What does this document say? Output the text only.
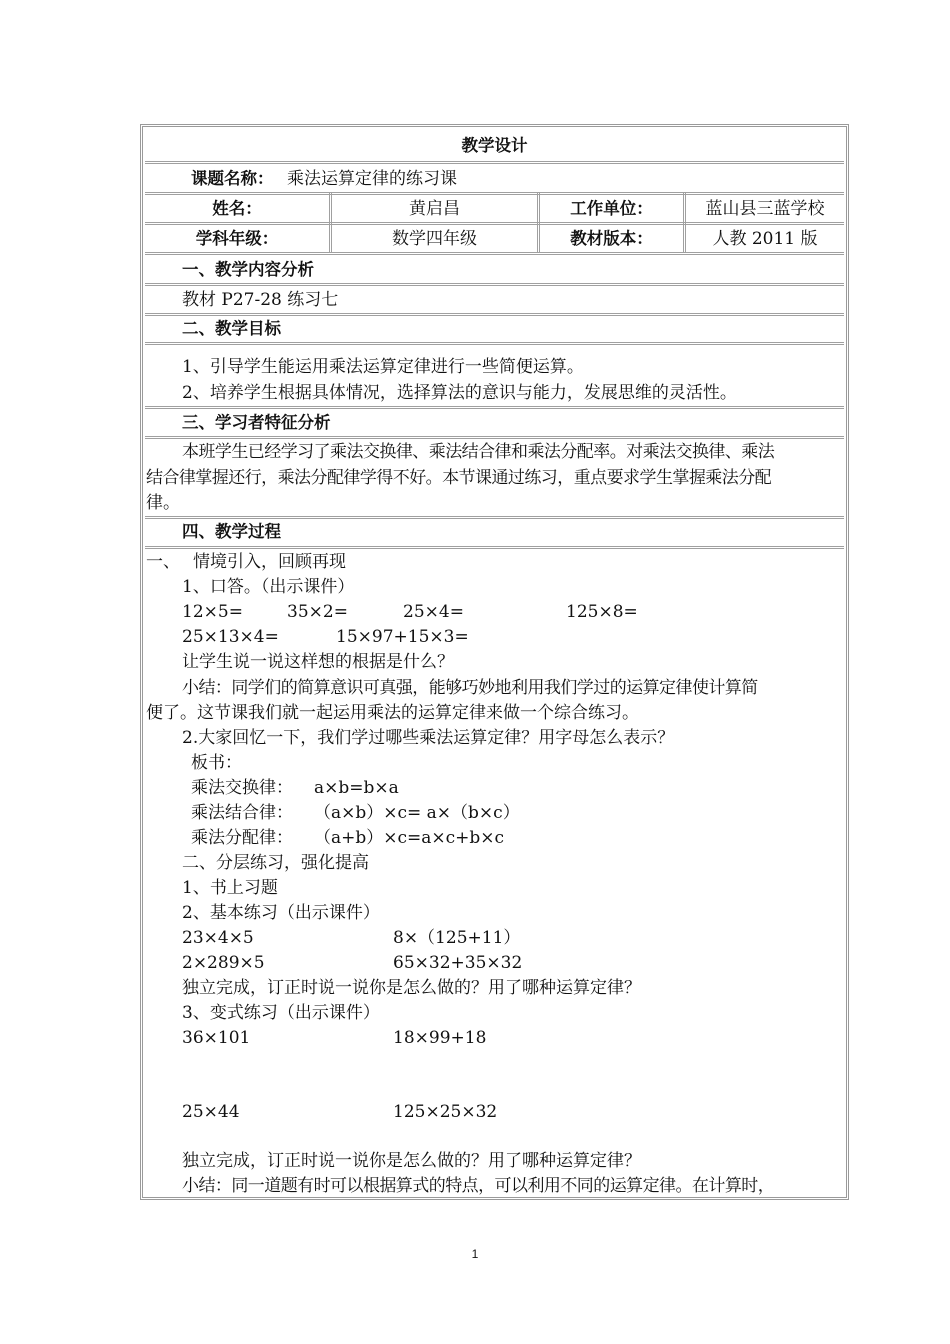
教学设计
课题名称： 乘法运算定律的练习课
姓名：	黄启昌	工作单位：	蓝山县三蓝学校
学科年级：	数学四年级	教材版本：	人教 2011 版
一、教学内容分析
教材 P27-28 练习七
二、教学目标
1、引导学生能运用乘法运算定律进行一些简便运算。
2、培养学生根据具体情况，选择算法的意识与能力，发展思维的灵活性。
三、学习者特征分析
本班学生已经学习了乘法交换律、乘法结合律和乘法分配率。对乘法交换律、乘法
结合律掌握还行，乘法分配律学得不好。本节课通过练习，重点要求学生掌握乘法分配
律。
四、教学过程
一、 情境引入，回顾再现
1、口答。（出示课件）
12×5=	35×2=	25×4=	125×8=
25×13×4=	15×97+15×3=
让学生说一说这样想的根据是什么？
小结：同学们的简算意识可真强，能够巧妙地利用我们学过的运算定律使计算简
便了。这节课我们就一起运用乘法的运算定律来做一个综合练习。
2.大家回忆一下，我们学过哪些乘法运算定律？用字母怎么表示？
板书：
乘法交换律： a×b=b×a
乘法结合律： （a×b）×c= a×（b×c）
乘法分配律： （a+b）×c=a×c+b×c
二、分层练习，强化提高
1、书上习题
2、基本练习（出示课件）
23×4×5	8×（125+11）
2×289×5	65×32+35×32
独立完成，订正时说一说你是怎么做的？用了哪种运算定律？
3、变式练习（出示课件）
36×101	18×99+18
25×44	125×25×32
独立完成，订正时说一说你是怎么做的？用了哪种运算定律？
小结：同一道题有时可以根据算式的特点，可以利用不同的运算定律。在计算时，
1
